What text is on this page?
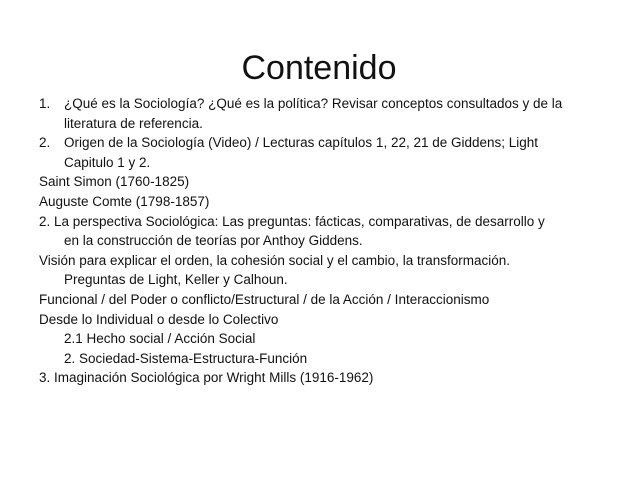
Contenido
1. ¿Qué es la Sociología? ¿Qué es la política? Revisar conceptos consultados y de la
literatura de referencia.
2. Origen de la Sociología (Video) / Lecturas capítulos 1, 22, 21 de Giddens; Light
Capitulo 1 y 2.
Saint Simon (1760-1825)
Auguste Comte (1798-1857)
2. La perspectiva Sociológica: Las preguntas: fácticas, comparativas, de desarrollo y
en la construcción de teorías por Anthoy Giddens.
Visión para explicar el orden, la cohesión social y el cambio, la transformación.
Preguntas de Light, Keller y Calhoun.
Funcional / del Poder o conflicto/Estructural / de la Acción / Interaccionismo
Desde lo Individual o desde lo Colectivo
2.1 Hecho social / Acción Social
2. Sociedad-Sistema-Estructura-Función
3. Imaginación Sociológica por Wright Mills (1916-1962)
